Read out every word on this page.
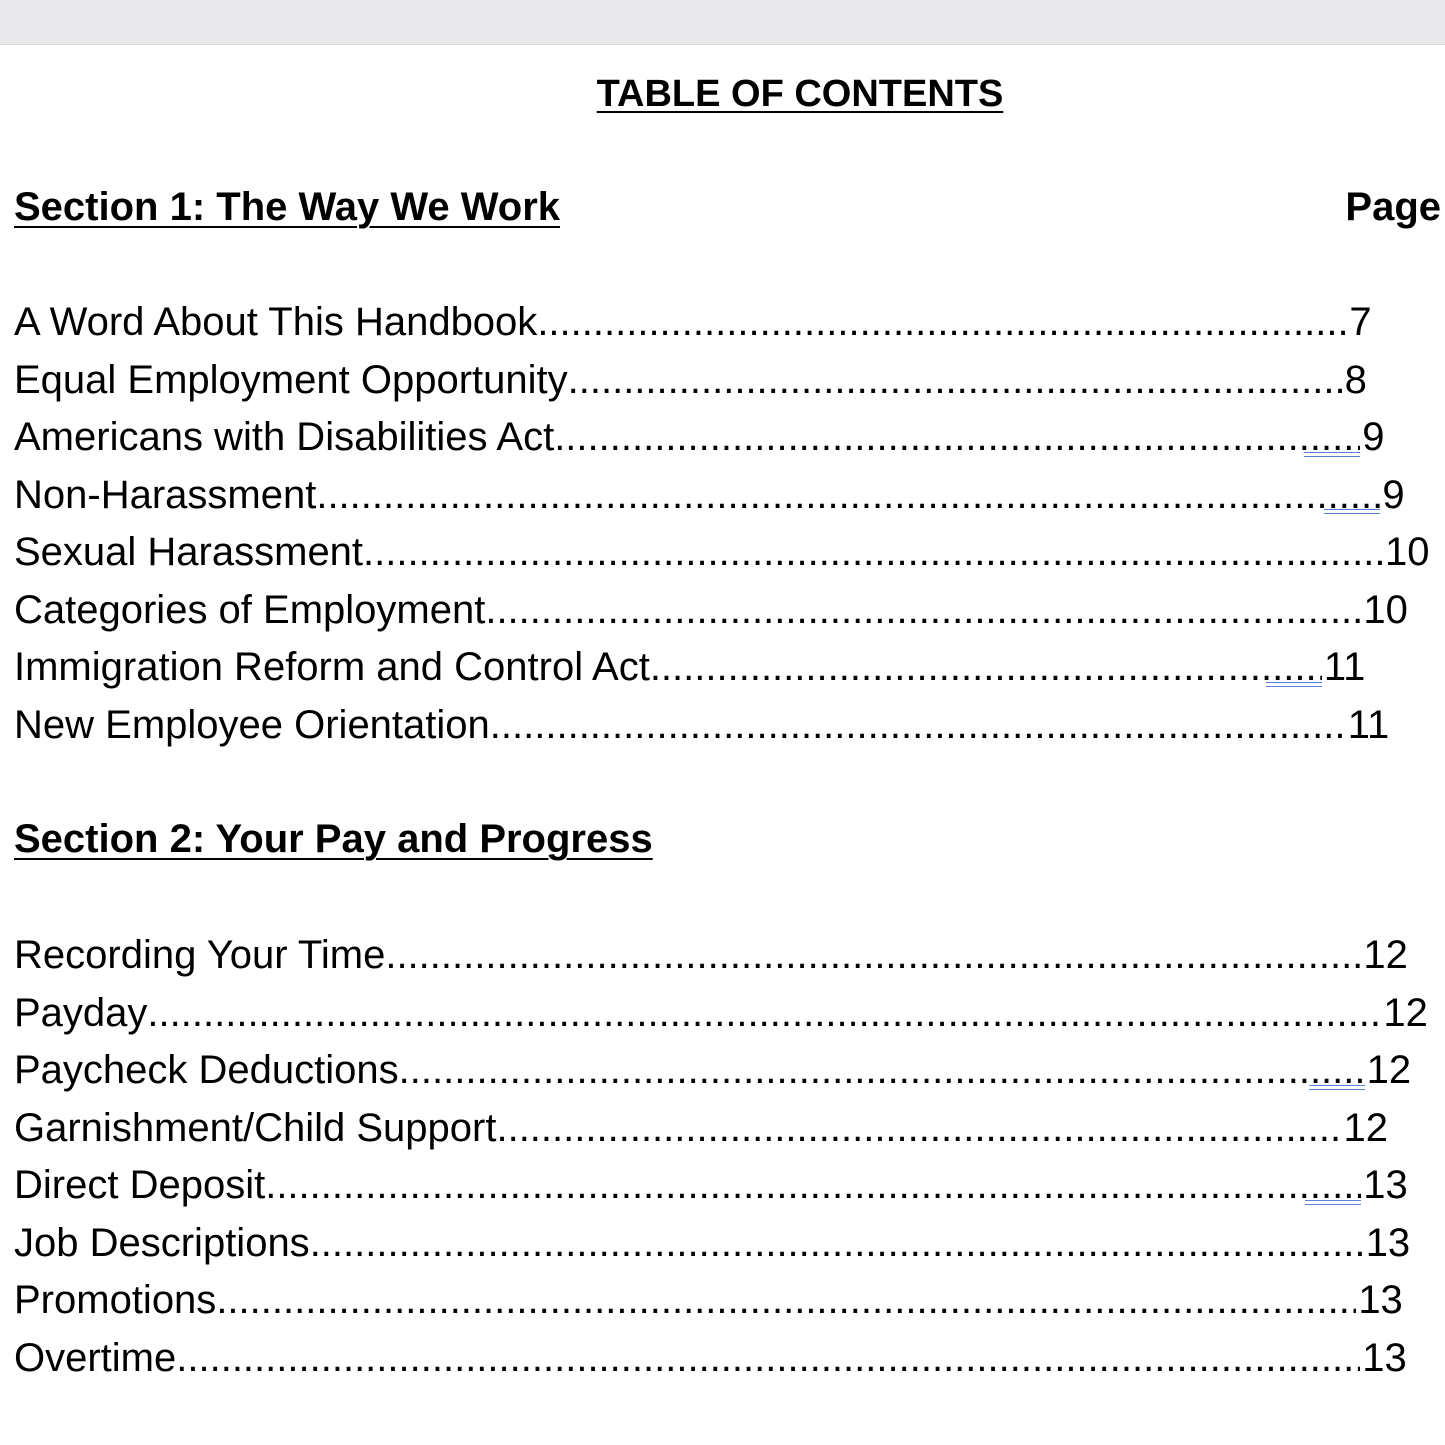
TABLE OF CONTENTS
Section 1: The Way We Work	Page
A Word About This Handbook .....	7
Equal Employment Opportunity .....	8
Americans with Disabilities Act .....	9
Non-Harassment .....	9
Sexual Harassment .....	10
Categories of Employment .....	10
Immigration Reform and Control Act .....	11
New Employee Orientation .....	11
Section 2: Your Pay and Progress
Recording Your Time .....	12
Payday .....	12
Paycheck Deductions .....	12
Garnishment/Child Support .....	12
Direct Deposit .....	13
Job Descriptions .....	13
Promotions .....	13
Overtime .....	13
